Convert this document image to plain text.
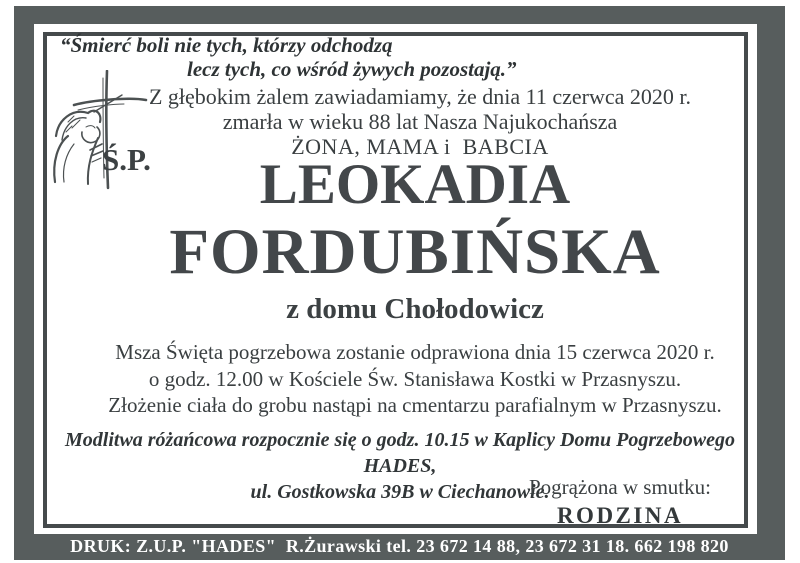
DRUK: Z.U.P. "HADES"  R.Żurawski tel. 23 672 14 88, 23 672 31 18. 662 198 820
“Śmierć boli nie tych, którzy odchodzą
lecz tych, co wśród żywych pozostają.”
Ś.P.
Z głębokim żalem zawiadamiamy, że dnia 11 czerwca 2020 r.
zmarła w wieku 88 lat Nasza Najukochańsza
ŻONA, MAMA i  BABCIA
LEOKADIA
FORDUBIŃSKA
z domu Chołodowicz
Msza Święta pogrzebowa zostanie odprawiona dnia 15 czerwca 2020 r.
o godz. 12.00 w Kościele Św. Stanisława Kostki w Przasnyszu.
Złożenie ciała do grobu nastąpi na cmentarzu parafialnym w Przasnyszu.
Modlitwa różańcowa rozpocznie się o godz. 10.15 w Kaplicy Domu Pogrzebowego HADES,
ul. Gostkowska 39B w Ciechanowie.
Pogrążona w smutku:
RODZINA
